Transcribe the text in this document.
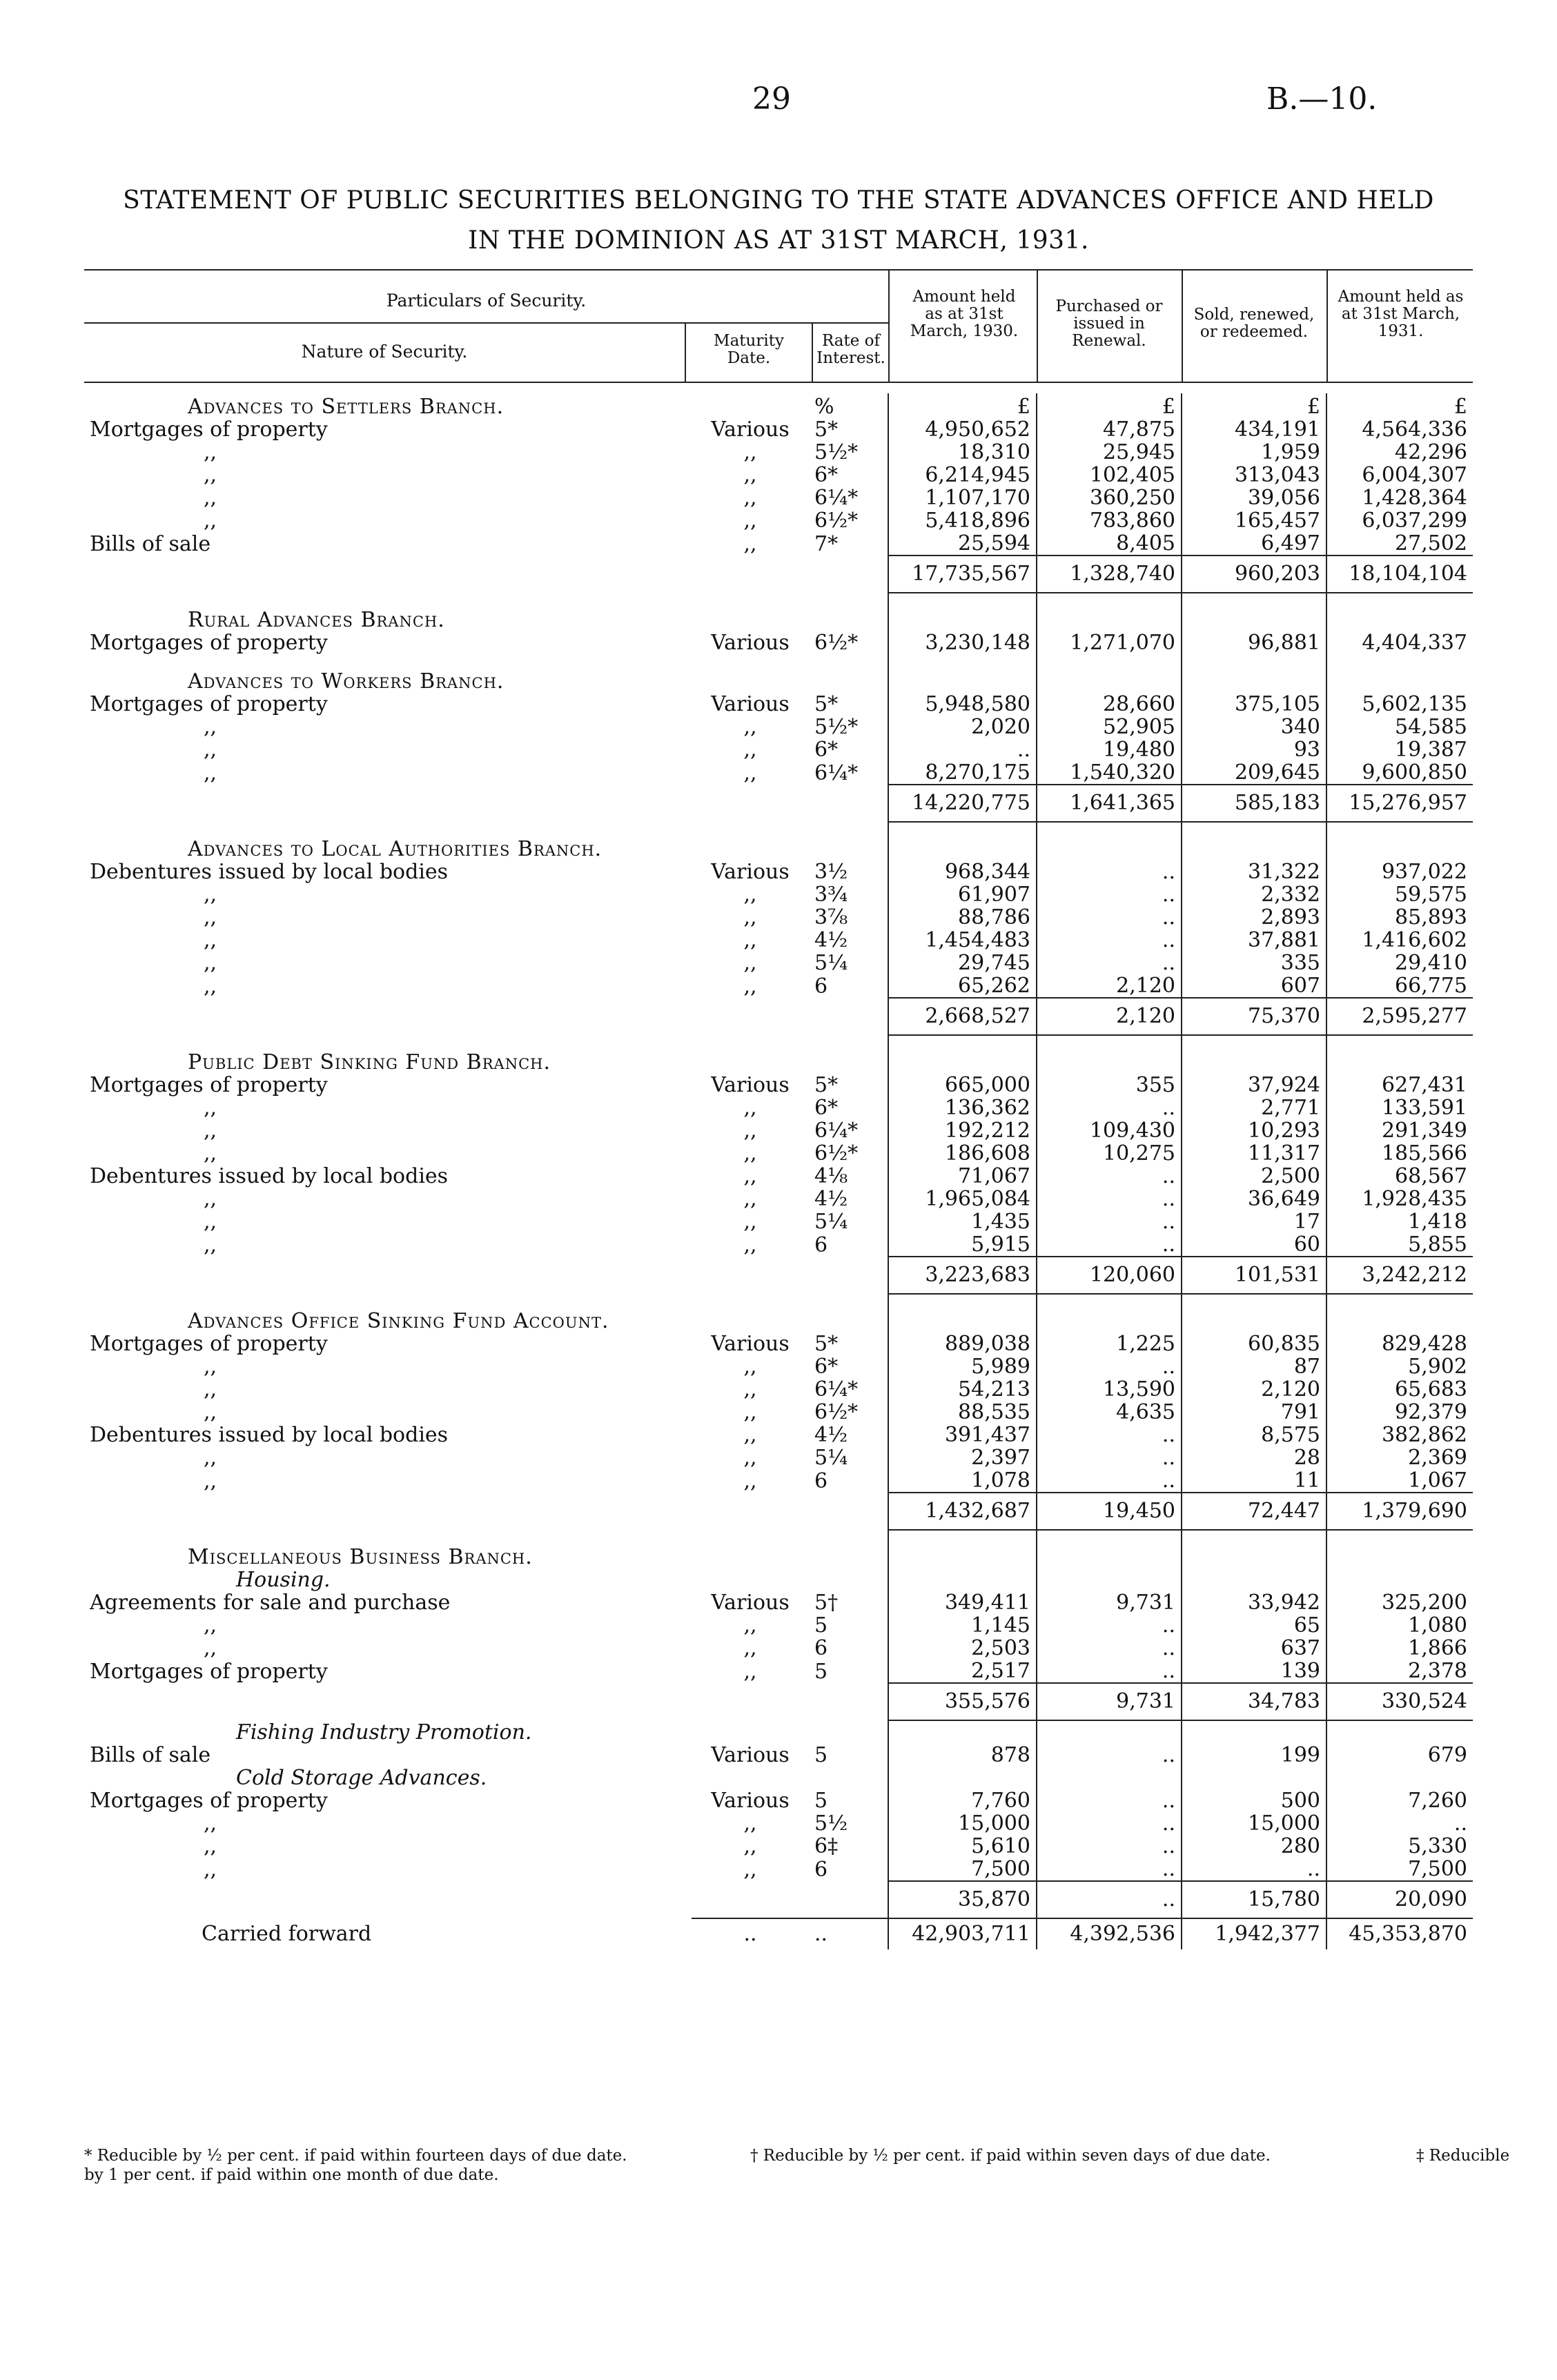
29	B.—10.
STATEMENT OF PUBLIC SECURITIES BELONGING TO THE STATE ADVANCES OFFICE AND HELD
IN THE DOMINION AS AT 31ST MARCH, 1931.
Particulars of Security.
Nature of Security.
Maturity Date.
Rate of Interest.
Amount held as at 31st March, 1930.
Purchased or issued in Renewal.
Sold, renewed, or redeemed.
Amount held as at 31st March, 1931.
Advances to Settlers Branch.		%	£	£	£	£
Mortgages of property	Various	5*	4,950,652	47,875	434,191	4,564,336
,,	,,	5½*	18,310	25,945	1,959	42,296
,,	,,	6*	6,214,945	102,405	313,043	6,004,307
,,	,,	6¼*	1,107,170	360,250	39,056	1,428,364
,,	,,	6½*	5,418,896	783,860	165,457	6,037,299
Bills of sale	,,	7*	25,594	8,405	6,497	27,502
			17,735,567	1,328,740	960,203	18,104,104
Rural Advances Branch.						
Mortgages of property	Various	6½*	3,230,148	1,271,070	96,881	4,404,337
Advances to Workers Branch.						
Mortgages of property	Various	5*	5,948,580	28,660	375,105	5,602,135
,,	,,	5½*	2,020	52,905	340	54,585
,,	,,	6*	..	19,480	93	19,387
,,	,,	6¼*	8,270,175	1,540,320	209,645	9,600,850
			14,220,775	1,641,365	585,183	15,276,957
Advances to Local Authorities Branch.						
Debentures issued by local bodies	Various	3½	968,344	..	31,322	937,022
,,	,,	3¾	61,907	..	2,332	59,575
,,	,,	3⅞	88,786	..	2,893	85,893
,,	,,	4½	1,454,483	..	37,881	1,416,602
,,	,,	5¼	29,745	..	335	29,410
,,	,,	6	65,262	2,120	607	66,775
			2,668,527	2,120	75,370	2,595,277
Public Debt Sinking Fund Branch.						
Mortgages of property	Various	5*	665,000	355	37,924	627,431
,,	,,	6*	136,362	..	2,771	133,591
,,	,,	6¼*	192,212	109,430	10,293	291,349
,,	,,	6½*	186,608	10,275	11,317	185,566
Debentures issued by local bodies	,,	4⅛	71,067	..	2,500	68,567
,,	,,	4½	1,965,084	..	36,649	1,928,435
,,	,,	5¼	1,435	..	17	1,418
,,	,,	6	5,915	..	60	5,855
			3,223,683	120,060	101,531	3,242,212
Advances Office Sinking Fund Account.						
Mortgages of property	Various	5*	889,038	1,225	60,835	829,428
,,	,,	6*	5,989	..	87	5,902
,,	,,	6¼*	54,213	13,590	2,120	65,683
,,	,,	6½*	88,535	4,635	791	92,379
Debentures issued by local bodies	,,	4½	391,437	..	8,575	382,862
,,	,,	5¼	2,397	..	28	2,369
,,	,,	6	1,078	..	11	1,067
			1,432,687	19,450	72,447	1,379,690
Miscellaneous Business Branch.						
Housing.						
Agreements for sale and purchase	Various	5†	349,411	9,731	33,942	325,200
,,	,,	5	1,145	..	65	1,080
,,	,,	6	2,503	..	637	1,866
Mortgages of property	,,	5	2,517	..	139	2,378
			355,576	9,731	34,783	330,524
Fishing Industry Promotion.						
Bills of sale	Various	5	878	..	199	679
Cold Storage Advances.						
Mortgages of property	Various	5	7,760	..	500	7,260
,,	,,	5½	15,000	..	15,000	..
,,	,,	6‡	5,610	..	280	5,330
,,	,,	6	7,500	..	..	7,500
			35,870	..	15,780	20,090
Carried forward	..	..	42,903,711	4,392,536	1,942,377	45,353,870
* Reducible by ½ per cent. if paid within fourteen days of due date.
by 1 per cent. if paid within one month of due date.
† Reducible by ½ per cent. if paid within seven days of due date.	‡ Reducible
